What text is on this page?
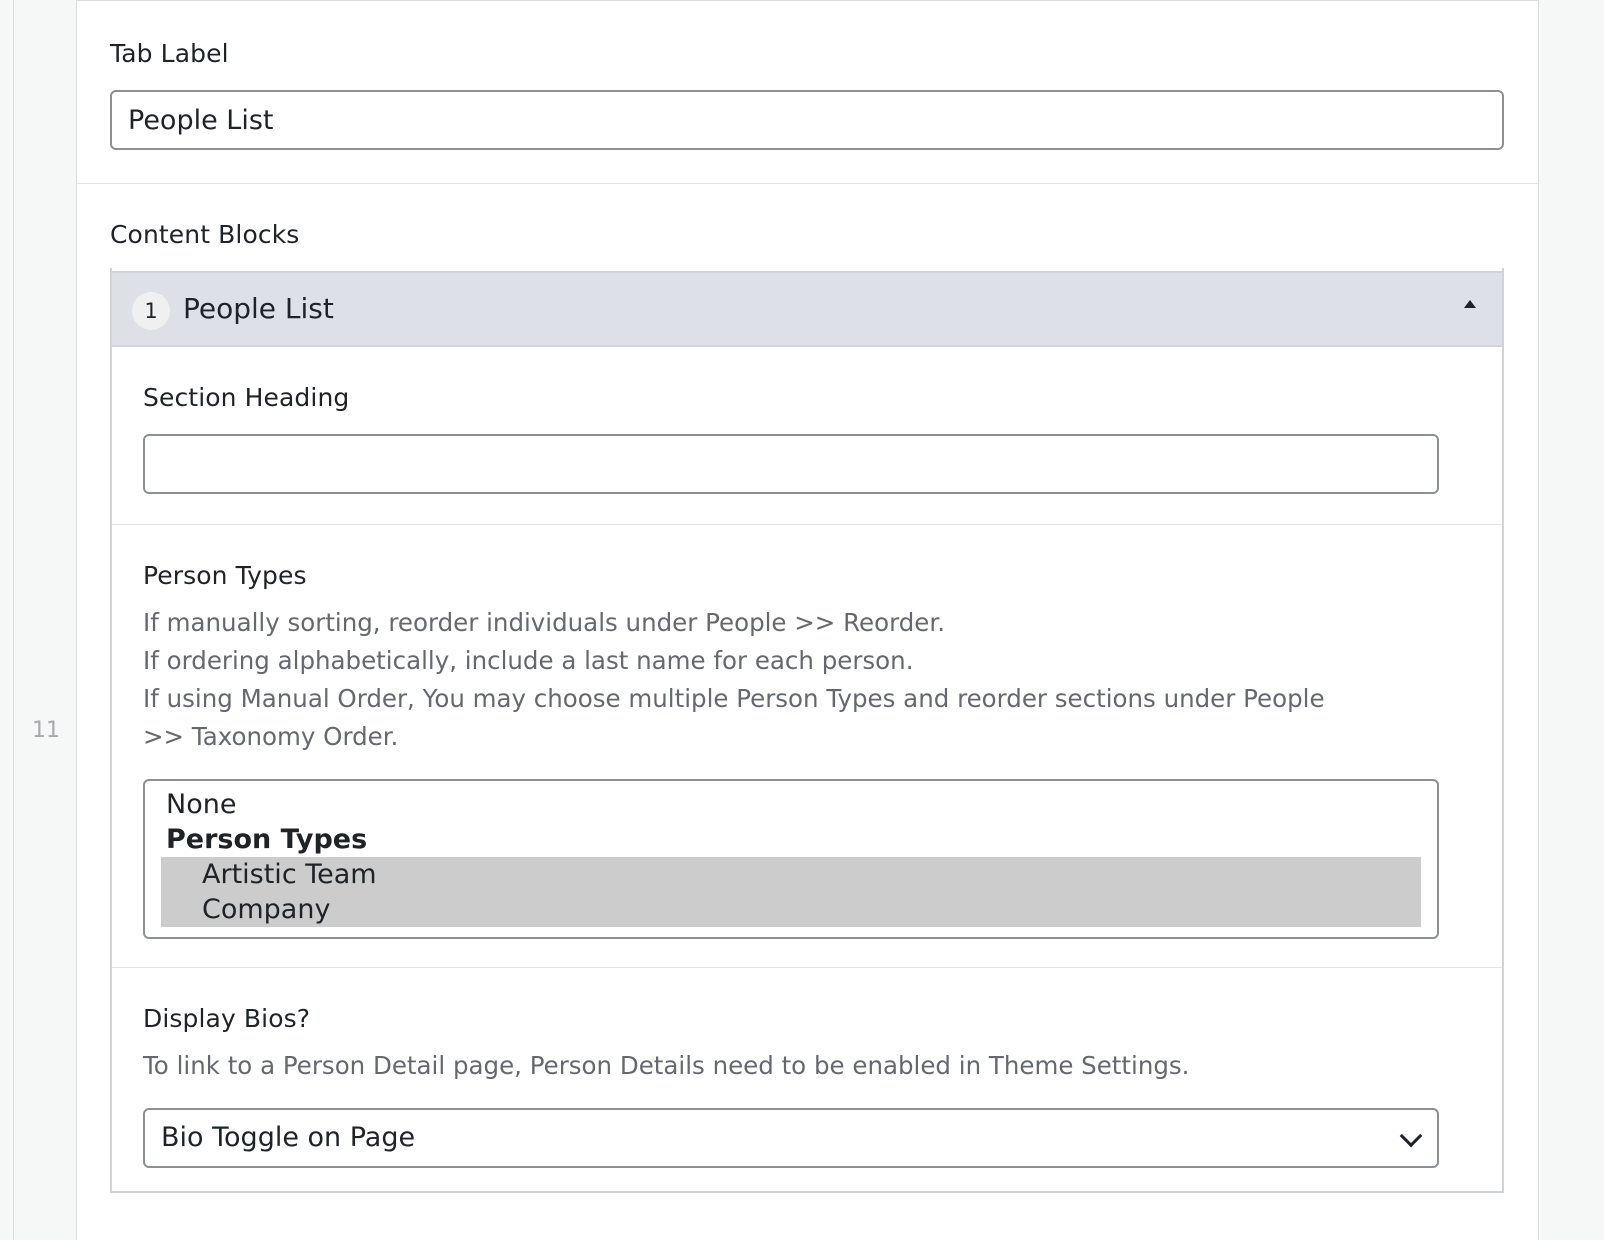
11
Tab Label
People List
Content Blocks
1 People List
Section Heading
Person Types

If manually sorting, reorder individuals under People >> Reorder.

If ordering alphabetically, include a last name for each person.

If using Manual Order, You may choose multiple Person Types and reorder sections under People >> Taxonomy Order.

None
Person Types
Artistic Team
Company
Display Bios?
To link to a Person Detail page, Person Details need to be enabled in Theme Settings.
Bio Toggle on Page
